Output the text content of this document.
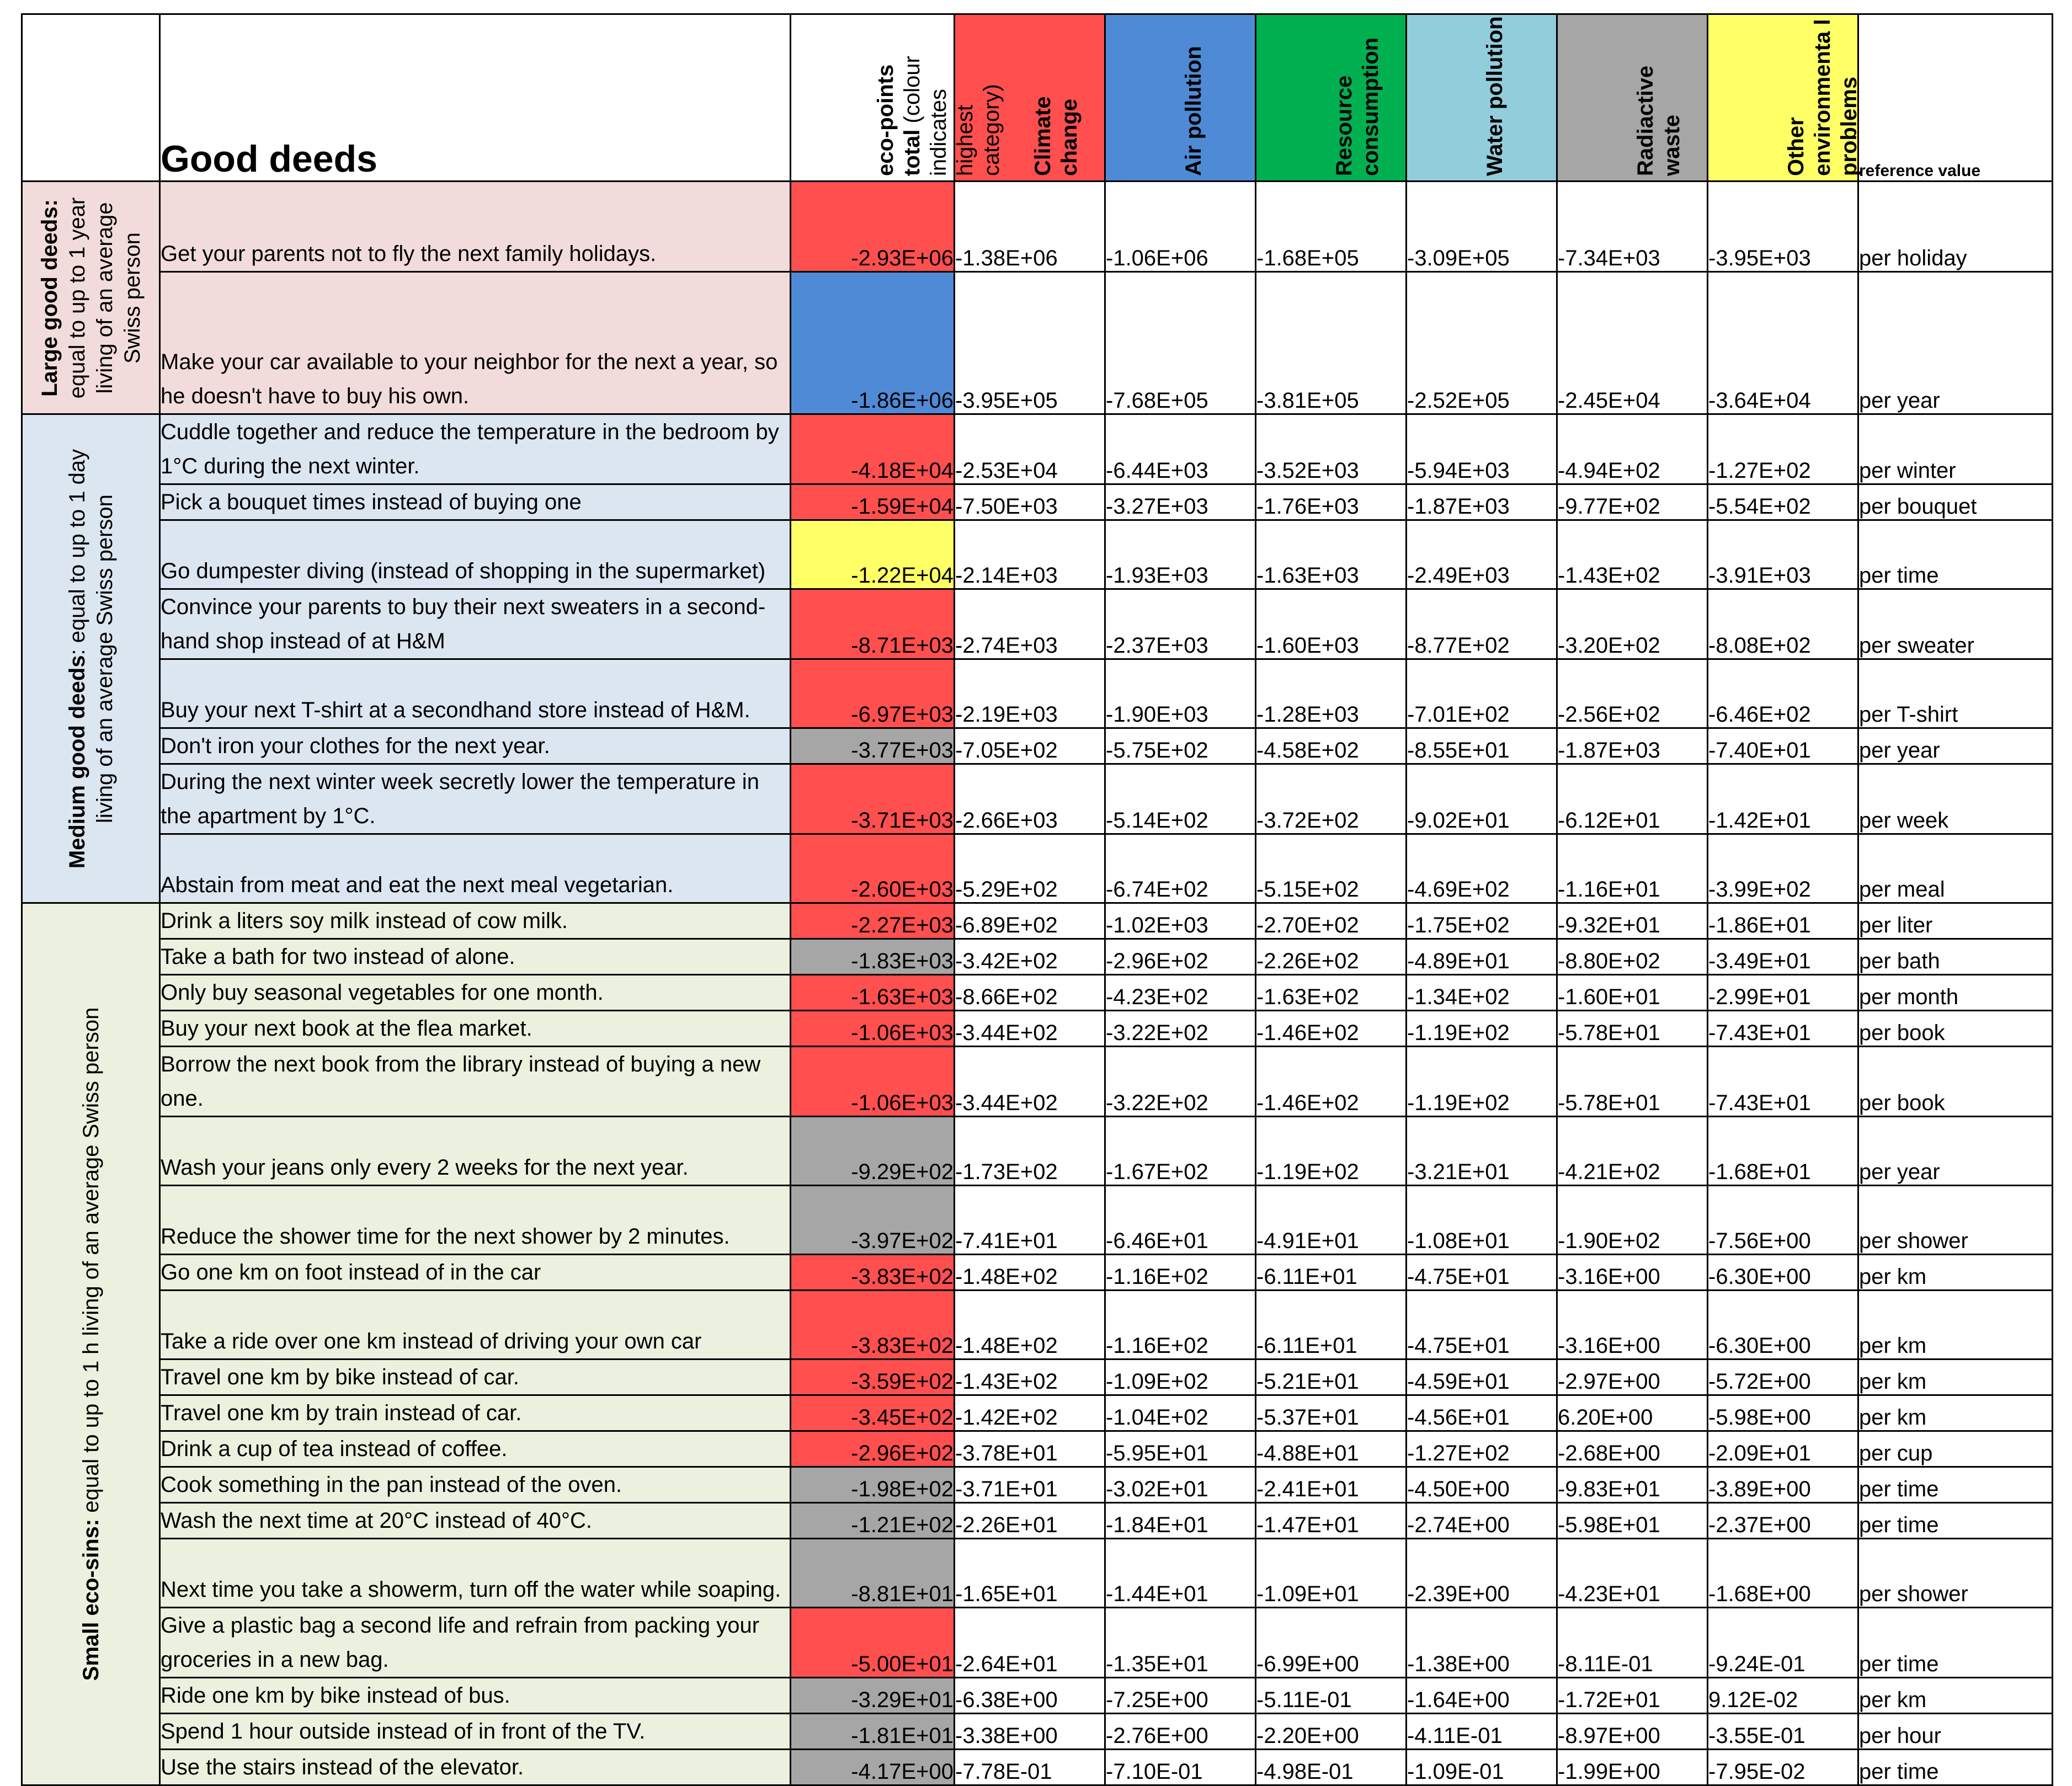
	Good deeds	eco-points total (colour indicates highest category)	Climate change	Air pollution	Resource consumption	Water pollution	Radiactive waste	Other environmenta l problems	reference value

Large good deeds: equal to up to 1 year living of an average Swiss person	Get your parents not to fly the next family holidays.	-2.93E+06	-1.38E+06	-1.06E+06	-1.68E+05	-3.09E+05	-7.34E+03	-3.95E+03	per holiday
	Make your car available to your neighbor for the next a year, so he doesn't have to buy his own.	-1.86E+06	-3.95E+05	-7.68E+05	-3.81E+05	-2.52E+05	-2.45E+04	-3.64E+04	per year

Medium good deeds: equal to up to 1 day living of an average Swiss person	Cuddle together and reduce the temperature in the bedroom by 1°C during the next winter.	-4.18E+04	-2.53E+04	-6.44E+03	-3.52E+03	-5.94E+03	-4.94E+02	-1.27E+02	per winter
	Pick a bouquet times instead of buying one	-1.59E+04	-7.50E+03	-3.27E+03	-1.76E+03	-1.87E+03	-9.77E+02	-5.54E+02	per bouquet
	Go dumpester diving (instead of shopping in the supermarket)	-1.22E+04	-2.14E+03	-1.93E+03	-1.63E+03	-2.49E+03	-1.43E+02	-3.91E+03	per time
	Convince your parents to buy their next sweaters in a second-hand shop instead of at H&M	-8.71E+03	-2.74E+03	-2.37E+03	-1.60E+03	-8.77E+02	-3.20E+02	-8.08E+02	per sweater
	Buy your next T-shirt at a secondhand store instead of H&M.	-6.97E+03	-2.19E+03	-1.90E+03	-1.28E+03	-7.01E+02	-2.56E+02	-6.46E+02	per T-shirt
	Don't iron your clothes for the next year.	-3.77E+03	-7.05E+02	-5.75E+02	-4.58E+02	-8.55E+01	-1.87E+03	-7.40E+01	per year
	During the next winter week secretly lower the temperature in the apartment by 1°C.	-3.71E+03	-2.66E+03	-5.14E+02	-3.72E+02	-9.02E+01	-6.12E+01	-1.42E+01	per week
	Abstain from meat and eat the next meal vegetarian.	-2.60E+03	-5.29E+02	-6.74E+02	-5.15E+02	-4.69E+02	-1.16E+01	-3.99E+02	per meal

Small eco-sins: equal to up to 1 h living of an average Swiss person	Drink a liters soy milk instead of cow milk.	-2.27E+03	-6.89E+02	-1.02E+03	-2.70E+02	-1.75E+02	-9.32E+01	-1.86E+01	per liter
	Take a bath for two instead of alone.	-1.83E+03	-3.42E+02	-2.96E+02	-2.26E+02	-4.89E+01	-8.80E+02	-3.49E+01	per bath
	Only buy seasonal vegetables for one month.	-1.63E+03	-8.66E+02	-4.23E+02	-1.63E+02	-1.34E+02	-1.60E+01	-2.99E+01	per month
	Buy your next book at the flea market.	-1.06E+03	-3.44E+02	-3.22E+02	-1.46E+02	-1.19E+02	-5.78E+01	-7.43E+01	per book
	Borrow the next book from the library instead of buying a new one.	-1.06E+03	-3.44E+02	-3.22E+02	-1.46E+02	-1.19E+02	-5.78E+01	-7.43E+01	per book
	Wash your jeans only every 2 weeks for the next year.	-9.29E+02	-1.73E+02	-1.67E+02	-1.19E+02	-3.21E+01	-4.21E+02	-1.68E+01	per year
	Reduce the shower time for the next shower by 2 minutes.	-3.97E+02	-7.41E+01	-6.46E+01	-4.91E+01	-1.08E+01	-1.90E+02	-7.56E+00	per shower
	Go one km on foot instead of in the car	-3.83E+02	-1.48E+02	-1.16E+02	-6.11E+01	-4.75E+01	-3.16E+00	-6.30E+00	per km
	Take a ride over one km instead of driving your own car	-3.83E+02	-1.48E+02	-1.16E+02	-6.11E+01	-4.75E+01	-3.16E+00	-6.30E+00	per km
	Travel one km by bike instead of car.	-3.59E+02	-1.43E+02	-1.09E+02	-5.21E+01	-4.59E+01	-2.97E+00	-5.72E+00	per km
	Travel one km by train instead of car.	-3.45E+02	-1.42E+02	-1.04E+02	-5.37E+01	-4.56E+01	6.20E+00	-5.98E+00	per km
	Drink a cup of tea instead of coffee.	-2.96E+02	-3.78E+01	-5.95E+01	-4.88E+01	-1.27E+02	-2.68E+00	-2.09E+01	per cup
	Cook something in the pan instead of the oven.	-1.98E+02	-3.71E+01	-3.02E+01	-2.41E+01	-4.50E+00	-9.83E+01	-3.89E+00	per time
	Wash the next time at 20°C instead of 40°C.	-1.21E+02	-2.26E+01	-1.84E+01	-1.47E+01	-2.74E+00	-5.98E+01	-2.37E+00	per time
	Next time you take a showerm, turn off the water while soaping.	-8.81E+01	-1.65E+01	-1.44E+01	-1.09E+01	-2.39E+00	-4.23E+01	-1.68E+00	per shower
	Give a plastic bag a second life and refrain from packing your groceries in a new bag.	-5.00E+01	-2.64E+01	-1.35E+01	-6.99E+00	-1.38E+00	-8.11E-01	-9.24E-01	per time
	Ride one km by bike instead of bus.	-3.29E+01	-6.38E+00	-7.25E+00	-5.11E-01	-1.64E+00	-1.72E+01	9.12E-02	per km
	Spend 1 hour outside instead of in front of the TV.	-1.81E+01	-3.38E+00	-2.76E+00	-2.20E+00	-4.11E-01	-8.97E+00	-3.55E-01	per hour
	Use the stairs instead of the elevator.	-4.17E+00	-7.78E-01	-7.10E-01	-4.98E-01	-1.09E-01	-1.99E+00	-7.95E-02	per time
